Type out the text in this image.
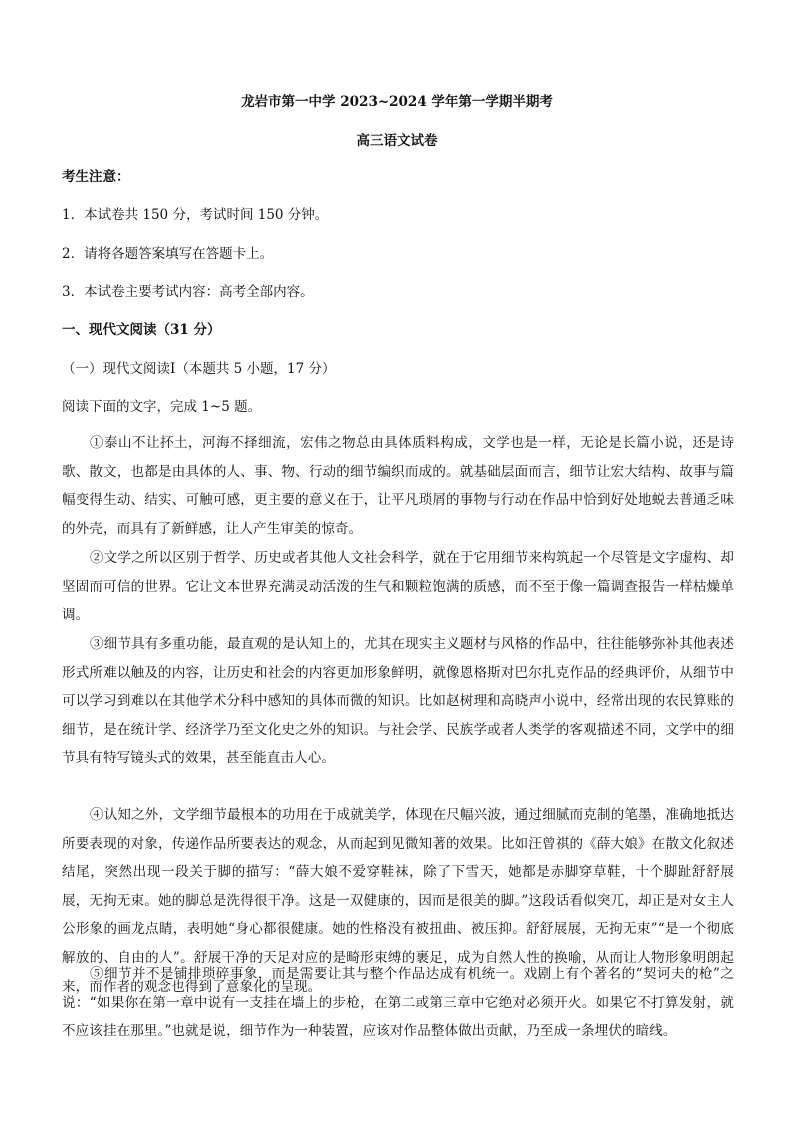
龙岩市第一中学 2023~2024 学年第一学期半期考

高三语文试卷

考生注意：

1．本试卷共 150 分，考试时间 150 分钟。

2．请将各题答案填写在答题卡上。

3．本试卷主要考试内容：高考全部内容。

一、现代文阅读（31 分）

（一）现代文阅读Ⅰ（本题共 5 小题，17 分）

阅读下面的文字，完成 1~5 题。

①泰山不让抔土，河海不择细流，宏伟之物总由具体质料构成，文学也是一样，无论是长篇小说，还是诗歌、散文，也都是由具体的人、事、物、行动的细节编织而成的。就基础层面而言，细节让宏大结构、故事与篇幅变得生动、结实、可触可感，更主要的意义在于，让平凡琐屑的事物与行动在作品中恰到好处地蜕去普通乏味的外壳，而具有了新鲜感，让人产生审美的惊奇。

②文学之所以区别于哲学、历史或者其他人文社会科学，就在于它用细节来构筑起一个尽管是文字虚构、却坚固而可信的世界。它让文本世界充满灵动活泼的生气和颗粒饱满的质感，而不至于像一篇调查报告一样枯燥单调。

③细节具有多重功能，最直观的是认知上的，尤其在现实主义题材与风格的作品中，往往能够弥补其他表述形式所难以触及的内容，让历史和社会的内容更加形象鲜明，就像恩格斯对巴尔扎克作品的经典评价，从细节中可以学习到难以在其他学术分科中感知的具体而微的知识。比如赵树理和高晓声小说中，经常出现的农民算账的细节，是在统计学、经济学乃至文化史之外的知识。与社会学、民族学或者人类学的客观描述不同，文学中的细节具有特写镜头式的效果，甚至能直击人心。

④认知之外，文学细节最根本的功用在于成就美学，体现在尺幅兴波，通过细腻而克制的笔墨，准确地抵达所要表现的对象，传递作品所要表达的观念，从而起到见微知著的效果。比如汪曾祺的《薛大娘》在散文化叙述结尾，突然出现一段关于脚的描写：“薛大娘不爱穿鞋袜，除了下雪天，她都是赤脚穿草鞋，十个脚趾舒舒展展，无拘无束。她的脚总是洗得很干净。这是一双健康的，因而是很美的脚。”这段话看似突兀，却正是对女主人公形象的画龙点睛，表明她“身心都很健康。她的性格没有被扭曲、被压抑。舒舒展展，无拘无束”“是一个彻底解放的、自由的人”。舒展干净的天足对应的是畸形束缚的裹足，成为自然人性的换喻，从而让人物形象明朗起来，而作者的观念也得到了意象化的呈现。

⑤细节并不是铺排琐碎事象，而是需要让其与整个作品达成有机统一。戏剧上有个著名的“契诃夫的枪”之说：“如果你在第一章中说有一支挂在墙上的步枪，在第二或第三章中它绝对必须开火。如果它不打算发射，就不应该挂在那里。”也就是说，细节作为一种装置，应该对作品整体做出贡献，乃至成一条埋伏的暗线。
